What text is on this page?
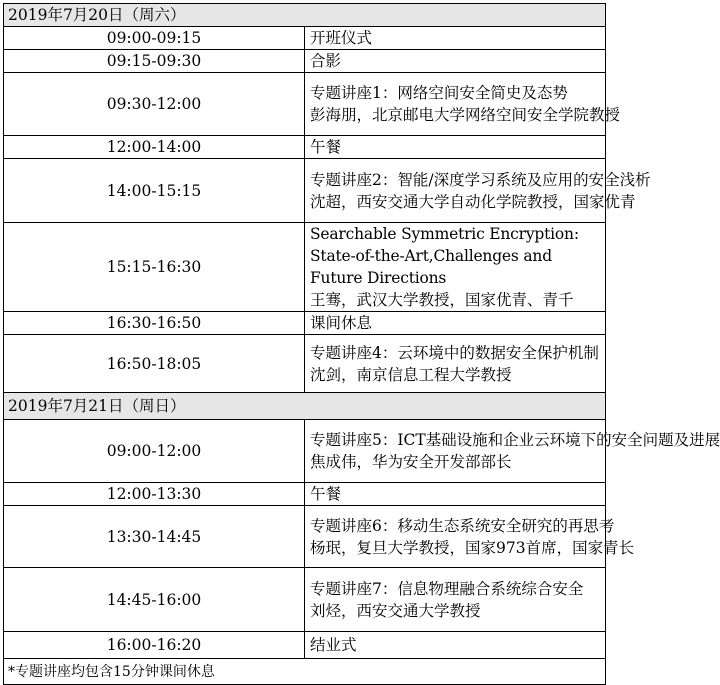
2019年7月20日（周六）	
09:00-09:15	开班仪式
09:15-09:30	合影
09:30-12:00	专题讲座1：网络空间安全简史及态势
彭海朋，北京邮电大学网络空间安全学院教授

12:00-14:00	午餐
14:00-15:15	专题讲座2：智能/深度学习系统及应用的安全浅析
沈超，西安交通大学自动化学院教授，国家优青

15:15-16:30	Searchable Symmetric Encryption: State-of-the-Art,Challenges and Future Directions
王骞，武汉大学教授，国家优青、青千

16:30-16:50	课间休息
16:50-18:05	专题讲座4：云环境中的数据安全保护机制
沈剑，南京信息工程大学教授

2019年7月21日（周日）	
09:00-12:00	专题讲座5：ICT基础设施和企业云环境下的安全问题及进展
焦成伟，华为安全开发部部长

12:00-13:30	午餐
13:30-14:45	专题讲座6：移动生态系统安全研究的再思考
杨珉，复旦大学教授，国家973首席，国家青长

14:45-16:00	专题讲座7：信息物理融合系统综合安全
刘烃，西安交通大学教授

16:00-16:20	结业式
*专题讲座均包含15分钟课间休息	
